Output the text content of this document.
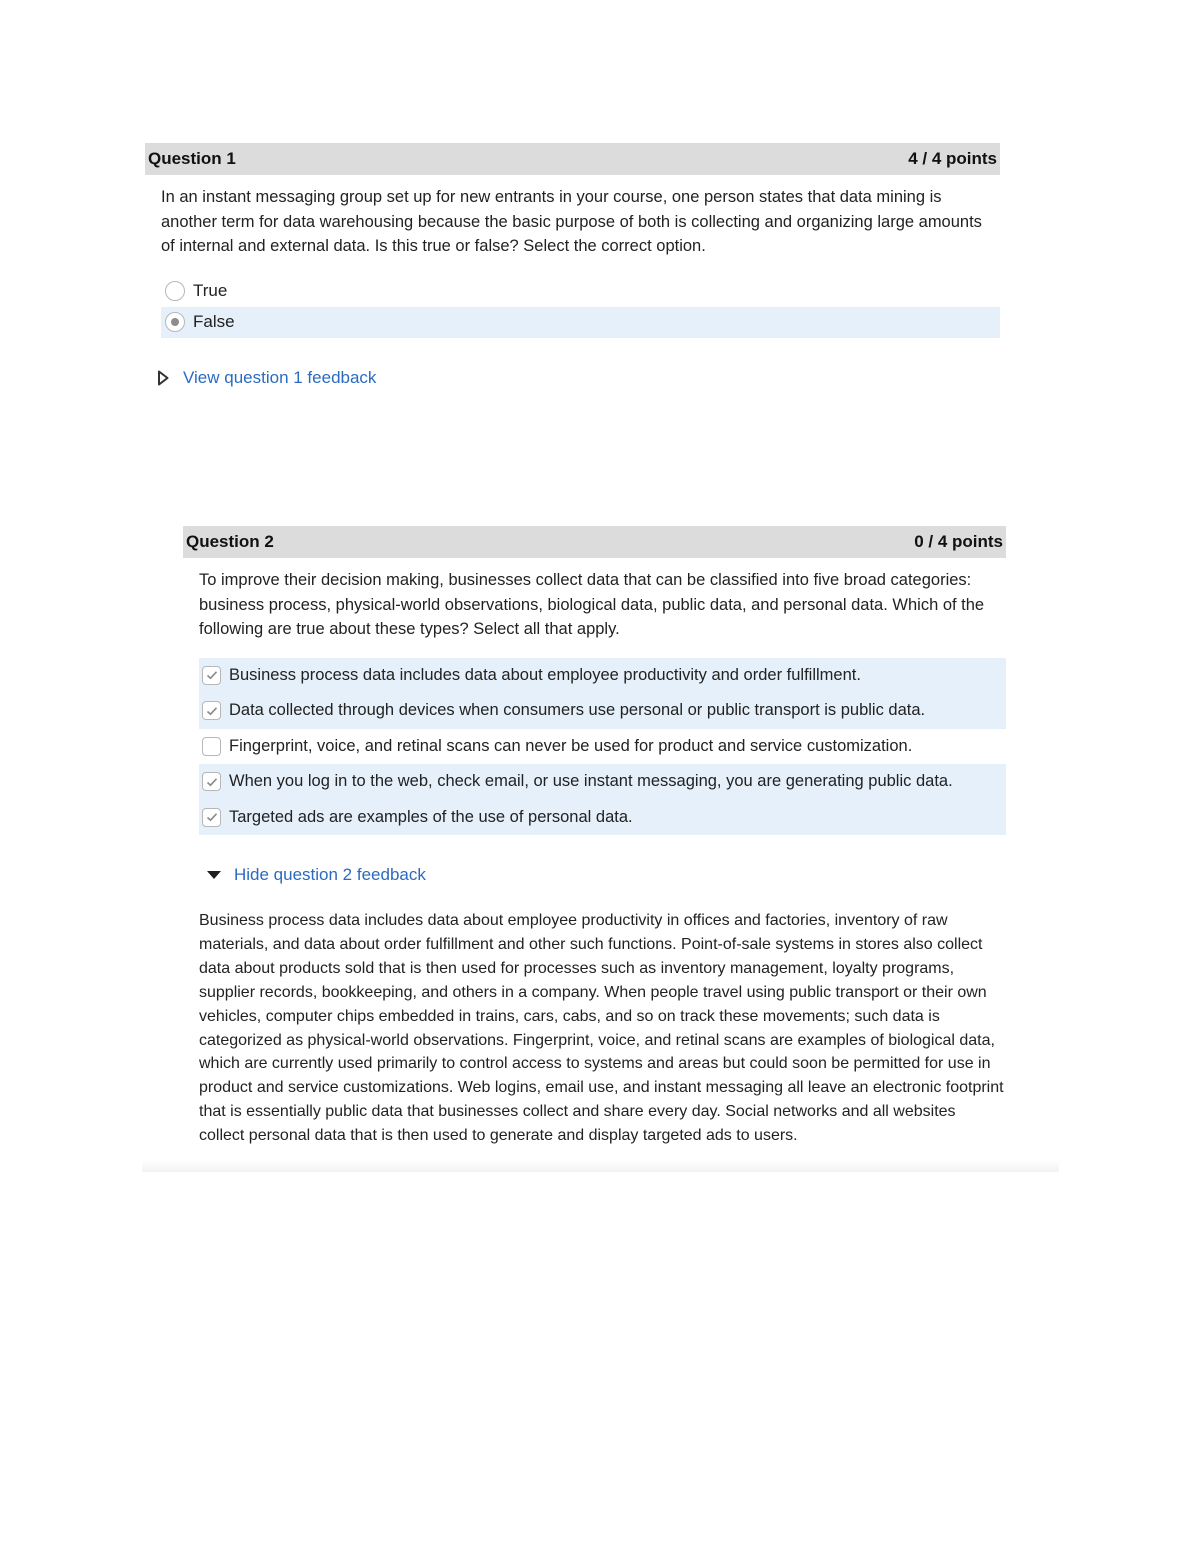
Question 1	4 / 4 points

In an instant messaging group set up for new entrants in your course, one person states that data mining is another term for data warehousing because the basic purpose of both is collecting and organizing large amounts of internal and external data. Is this true or false? Select the correct option.

True
False
View question 1 feedback
Question 2	0 / 4 points

To improve their decision making, businesses collect data that can be classified into five broad categories: business process, physical-world observations, biological data, public data, and personal data. Which of the following are true about these types? Select all that apply.

Business process data includes data about employee productivity and order fulfillment.
Data collected through devices when consumers use personal or public transport is public data.
Fingerprint, voice, and retinal scans can never be used for product and service customization.
When you log in to the web, check email, or use instant messaging, you are generating public data.
Targeted ads are examples of the use of personal data.
Hide question 2 feedback
Business process data includes data about employee productivity in offices and factories, inventory of raw materials, and data about order fulfillment and other such functions. Point-of-sale systems in stores also collect data about products sold that is then used for processes such as inventory management, loyalty programs, supplier records, bookkeeping, and others in a company. When people travel using public transport or their own vehicles, computer chips embedded in trains, cars, cabs, and so on track these movements; such data is categorized as physical-world observations. Fingerprint, voice, and retinal scans are examples of biological data, which are currently used primarily to control access to systems and areas but could soon be permitted for use in product and service customizations. Web logins, email use, and instant messaging all leave an electronic footprint that is essentially public data that businesses collect and share every day. Social networks and all websites collect personal data that is then used to generate and display targeted ads to users.
